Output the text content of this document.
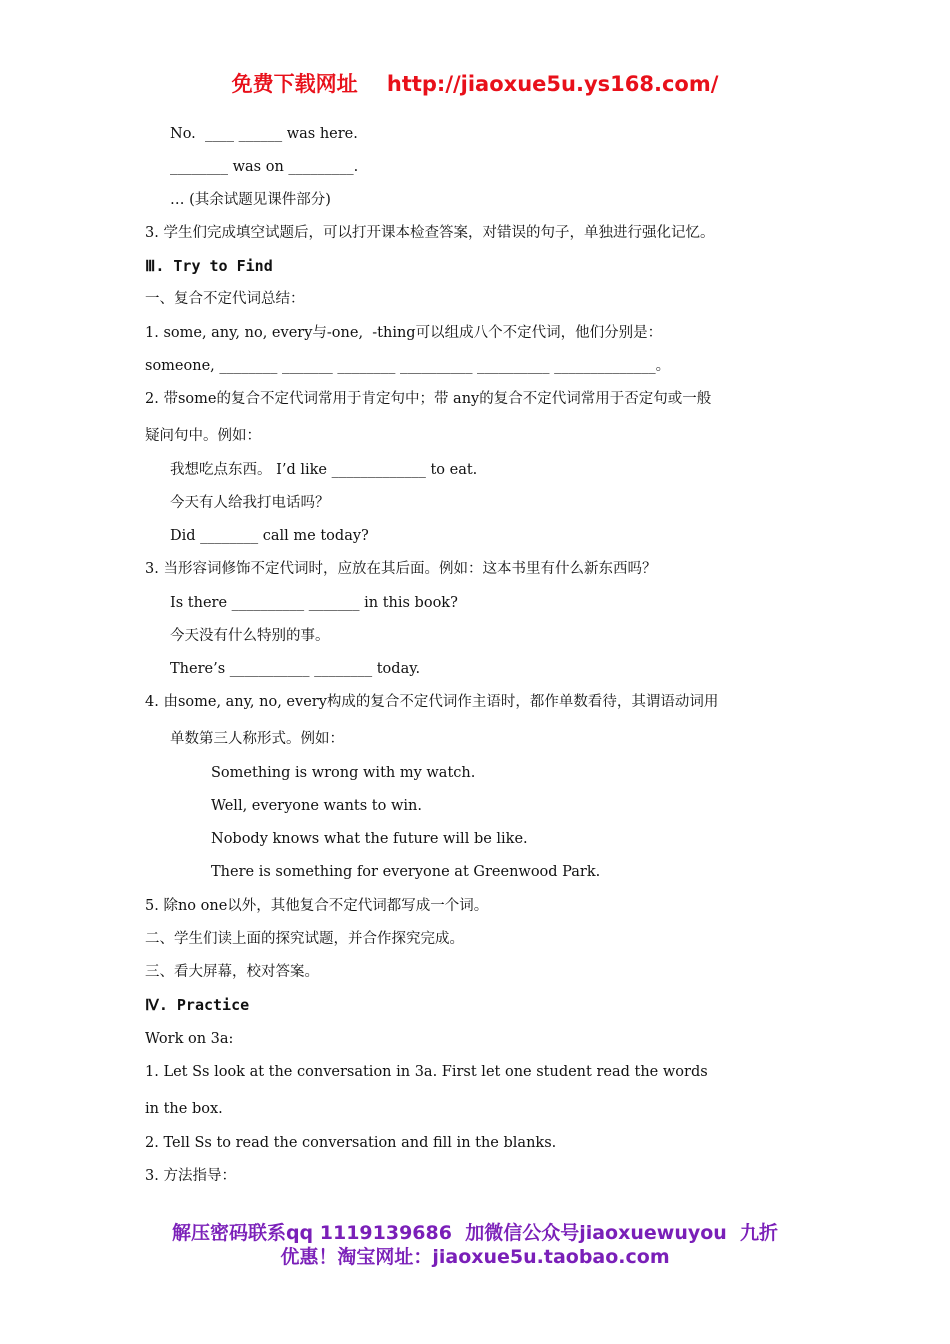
免费下载网址    http://jiaoxue5u.ys168.com/
No.  ____ ______ was here.
________ was on _________.
… (其余试题见课件部分)
3. 学生们完成填空试题后，可以打开课本检查答案，对错误的句子，单独进行强化记忆。
Ⅲ. Try to Find
一、复合不定代词总结：
1. some, any, no, every与-one,  -thing可以组成八个不定代词，他们分别是：
someone, ________ _______ ________ __________ __________ ______________。
2. 带some的复合不定代词常用于肯定句中；带 any的复合不定代词常用于否定句或一般
疑问句中。例如：
我想吃点东西。 I’d like _____________ to eat.
今天有人给我打电话吗？
Did ________ call me today?
3. 当形容词修饰不定代词时，应放在其后面。例如：这本书里有什么新东西吗？
Is there __________ _______ in this book?
今天没有什么特别的事。
There’s ___________ ________ today.
4. 由some, any, no, every构成的复合不定代词作主语时，都作单数看待，其谓语动词用
单数第三人称形式。例如：
Something is wrong with my watch.
Well, everyone wants to win.
Nobody knows what the future will be like.
There is something for everyone at Greenwood Park.
5. 除no one以外，其他复合不定代词都写成一个词。
二、学生们读上面的探究试题，并合作探究完成。
三、看大屏幕，校对答案。
Ⅳ. Practice
Work on 3a:
1. Let Ss look at the conversation in 3a. First let one student read the words
in the box.
2. Tell Ss to read the conversation and fill in the blanks.
3. 方法指导：
解压密码联系qq 1119139686  加微信公众号jiaoxuewuyou  九折
优惠！淘宝网址：jiaoxue5u.taobao.com
